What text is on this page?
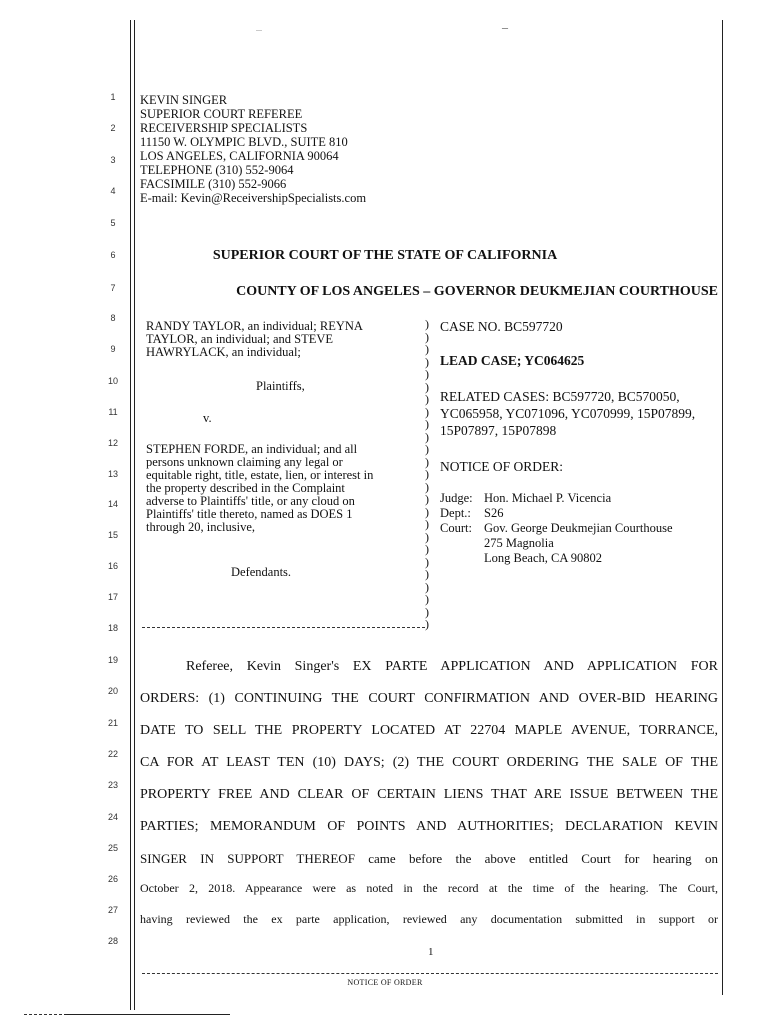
...	–
1
2
3
4
5
6
7
8
9
10
11
12
13
14
15
16
17
18
19
20
21
22
23
24
25
26
27
28
KEVIN SINGER
SUPERIOR COURT REFEREE
RECEIVERSHIP SPECIALISTS
11150 W. OLYMPIC BLVD., SUITE 810
LOS ANGELES, CALIFORNIA 90064
TELEPHONE (310) 552-9064
FACSIMILE (310) 552-9066
E-mail: Kevin@ReceivershipSpecialists.com
SUPERIOR COURT OF THE STATE OF CALIFORNIA
COUNTY OF LOS ANGELES – GOVERNOR DEUKMEJIAN COURTHOUSE
RANDY TAYLOR, an individual; REYNA
TAYLOR, an individual; and STEVE
HAWRYLACK, an individual;
Plaintiffs,
v.
STEPHEN FORDE, an individual; and all
persons unknown claiming any legal or
equitable right, title, estate, lien, or interest in
the property described in the Complaint
adverse to Plaintiffs' title, or any cloud on
Plaintiffs' title thereto, named as DOES 1
through 20, inclusive,
Defendants.
)
)
)
)
)
)
)
)
)
)
)
)
)
)
)
)
)
)
)
)
)
)
)
)
)
CASE NO. BC597720
LEAD CASE; YC064625
RELATED CASES: BC597720, BC570050,
YC065958, YC071096, YC070999, 15P07899,
15P07897, 15P07898
NOTICE OF ORDER:
Judge: Hon. Michael P. Vicencia
Dept.: S26
Court: Gov. George Deukmejian Courthouse
275 Magnolia
Long Beach, CA 90802
Referee, Kevin Singer's EX PARTE APPLICATION AND APPLICATION FOR
ORDERS: (1) CONTINUING THE COURT CONFIRMATION AND OVER-BID HEARING
DATE TO SELL THE PROPERTY LOCATED AT 22704 MAPLE AVENUE, TORRANCE,
CA FOR AT LEAST TEN (10) DAYS; (2) THE COURT ORDERING THE SALE OF THE
PROPERTY FREE AND CLEAR OF CERTAIN LIENS THAT ARE ISSUE BETWEEN THE
PARTIES; MEMORANDUM OF POINTS AND AUTHORITIES; DECLARATION KEVIN
SINGER IN SUPPORT THEREOF came before the above entitled Court for hearing on
October 2, 2018. Appearance were as noted in the record at the time of the hearing. The Court,
having reviewed the ex parte application, reviewed any documentation submitted in support or
1
NOTICE OF ORDER
